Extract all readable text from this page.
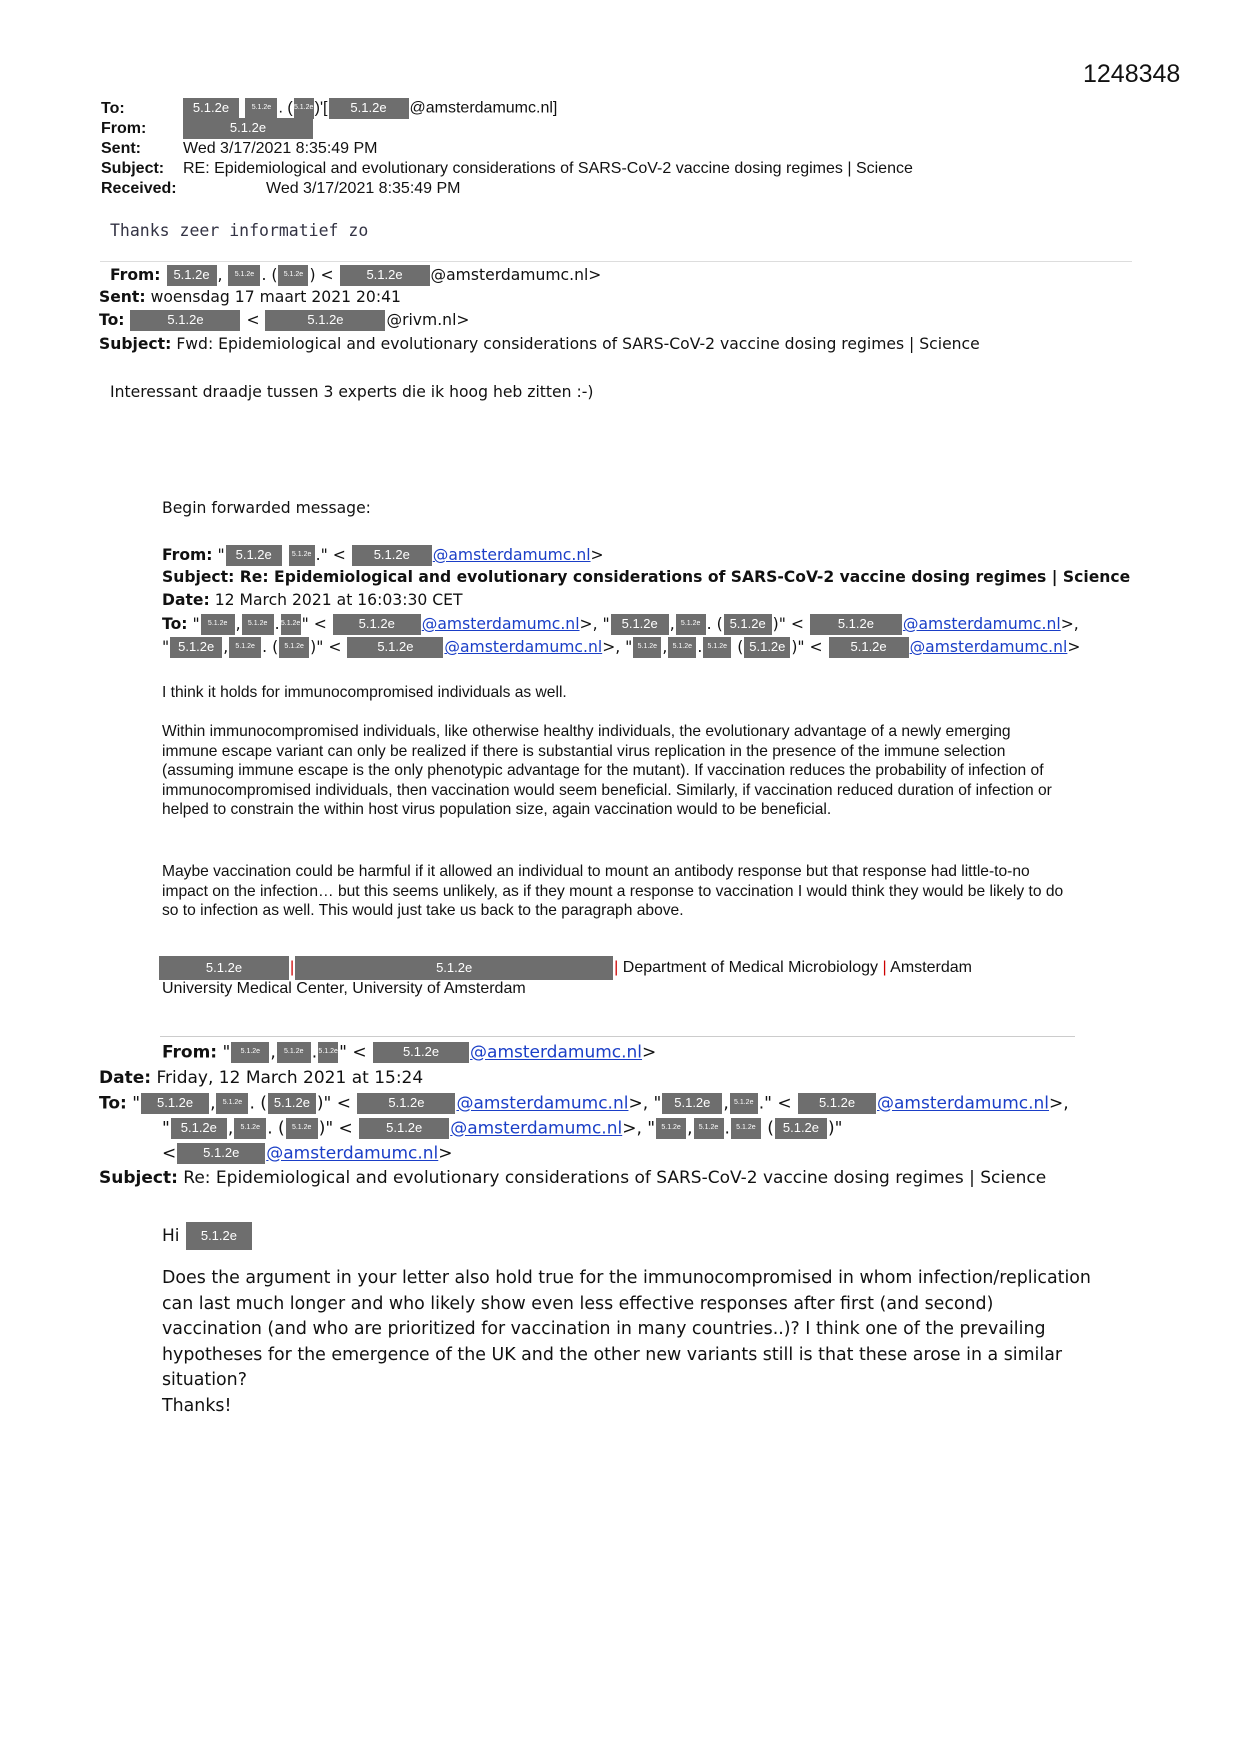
1248348
To:	5.1.2e	5.1.2e . (5.1.2e)'[ 5.1.2e @amsterdamumc.nl]
From:	5.1.2e
Sent:	Wed 3/17/2021 8:35:49 PM
Subject: RE: Epidemiological and evolutionary considerations of SARS-CoV-2 vaccine dosing regimes | Science
Received:	Wed 3/17/2021 8:35:49 PM
Thanks zeer informatief zo
From: 5.1.2e , 5.1.2e . ( 5.1.2e ) < 5.1.2e @amsterdamumc.nl>
Sent: woensdag 17 maart 2021 20:41
To:	5.1.2e <	5.1.2e	@rivm.nl>
Subject: Fwd: Epidemiological and evolutionary considerations of SARS-CoV-2 vaccine dosing regimes | Science
Interessant draadje tussen 3 experts die ik hoog heb zitten :-)
Begin forwarded message:
From: " 5.1.2e	5.1.2e ." < 5.1.2e @amsterdamumc.nl>
Subject: Re: Epidemiological and evolutionary considerations of SARS-CoV-2 vaccine dosing regimes | Science
Date: 12 March 2021 at 16:03:30 CET
To: " 5.1.2e , 5.1.2e .5.1.2e" < 5.1.2e @amsterdamumc.nl>, " 5.1.2e , 5.1.2e . ( 5.1.2e )" < 5.1.2e @amsterdamumc.nl>,
" 5.1.2e , 5.1.2e . ( 5.1.2e )" < 5.1.2e @amsterdamumc.nl>, " 5.1.2e , 5.1.2e . 5.1.2e ( 5.1.2e )" < 5.1.2e @amsterdamumc.nl>
I think it holds for immunocompromised individuals as well.
Within immunocompromised individuals, like otherwise healthy individuals, the evolutionary advantage of a newly emerging immune escape variant can only be realized if there is substantial virus replication in the presence of the immune selection (assuming immune escape is the only phenotypic advantage for the mutant). If vaccination reduces the probability of infection of immunocompromised individuals, then vaccination would seem beneficial. Similarly, if vaccination reduced duration of infection or helped to constrain the within host virus population size, again vaccination would to be beneficial.
Maybe vaccination could be harmful if it allowed an individual to mount an antibody response but that response had little-to-no impact on the infection… but this seems unlikely, as if they mount a response to vaccination I would think they would be likely to do so to infection as well. This would just take us back to the paragraph above.
5.1.2e	|	5.1.2e	| Department of Medical Microbiology | Amsterdam
University Medical Center, University of Amsterdam
From: " 5.1.2e , 5.1.2e .5.1.2e" < 5.1.2e @amsterdamumc.nl>
Date: Friday, 12 March 2021 at 15:24
To: " 5.1.2e , 5.1.2e . ( 5.1.2e )" < 5.1.2e @amsterdamumc.nl>, " 5.1.2e , 5.1.2e ." < 5.1.2e @amsterdamumc.nl>,
" 5.1.2e , 5.1.2e . ( 5.1.2e )" < 5.1.2e @amsterdamumc.nl>, " 5.1.2e , 5.1.2e . 5.1.2e ( 5.1.2e )"
< 5.1.2e @amsterdamumc.nl>
Subject: Re: Epidemiological and evolutionary considerations of SARS-CoV-2 vaccine dosing regimes | Science
Hi 5.1.2e
Does the argument in your letter also hold true for the immunocompromised in whom infection/replication can last much longer and who likely show even less effective responses after first (and second) vaccination (and who are prioritized for vaccination in many countries..)? I think one of the prevailing hypotheses for the emergence of the UK and the other new variants still is that these arose in a similar situation?
Thanks!
